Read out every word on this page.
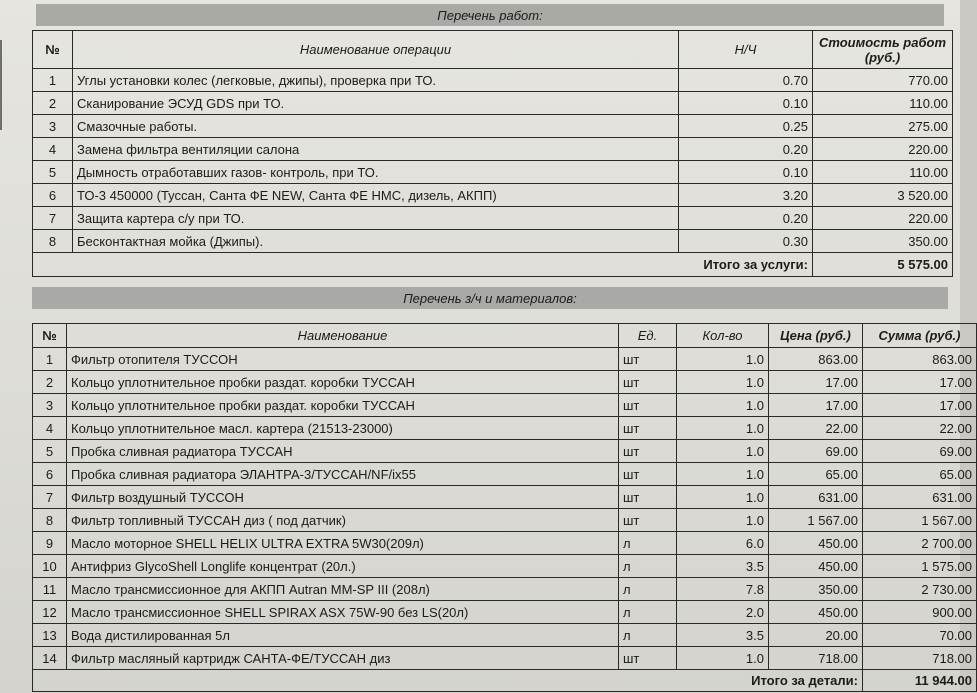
Перечень работ:
№	Наименование операции	Н/Ч	Стоимость работ (руб.)
1	Углы установки колес (легковые, джипы), проверка при ТО.	0.70	770.00
2	Сканирование ЭСУД GDS при ТО.	0.10	110.00
3	Смазочные работы.	0.25	275.00
4	Замена фильтра вентиляции салона	0.20	220.00
5	Дымность отработавших газов- контроль, при ТО.	0.10	110.00
6	ТО-3 450000 (Туссан, Санта ФЕ NEW, Санта ФЕ НМС, дизель, АКПП)	3.20	3 520.00
7	Защита картера с/у при ТО.	0.20	220.00
8	Бесконтактная мойка (Джипы).	0.30	350.00
Итого за услуги:			5 575.00
Перечень з/ч и материалов:
№	Наименование	Ед.	Кол-во	Цена (руб.)	Сумма (руб.)
1	Фильтр отопителя ТУССОН	шт	1.0	863.00	863.00
2	Кольцо уплотнительное пробки раздат. коробки ТУССАН	шт	1.0	17.00	17.00
3	Кольцо уплотнительное пробки раздат. коробки ТУССАН	шт	1.0	17.00	17.00
4	Кольцо уплотнительное масл. картера (21513-23000)	шт	1.0	22.00	22.00
5	Пробка сливная радиатора ТУССАН	шт	1.0	69.00	69.00
6	Пробка сливная радиатора ЭЛАНТРА-3/ТУССАН/NF/ix55	шт	1.0	65.00	65.00
7	Фильтр воздушный ТУССОН	шт	1.0	631.00	631.00
8	Фильтр топливный ТУССАН диз ( под датчик)	шт	1.0	1 567.00	1 567.00
9	Масло моторное SHELL HELIX ULTRA EXTRA 5W30(209л)	л	6.0	450.00	2 700.00
10	Антифриз GlycoShell Longlife концентрат (20л.)	л	3.5	450.00	1 575.00
11	Масло трансмиссионное для АКПП Autran MM-SP III (208л)	л	7.8	350.00	2 730.00
12	Масло трансмиссионное SHELL SPIRAX ASX 75W-90 без LS(20л)	л	2.0	450.00	900.00
13	Вода дистилированная 5л	л	3.5	20.00	70.00
14	Фильтр масляный картридж САНТА-ФЕ/ТУССАН диз	шт	1.0	718.00	718.00
Итого за детали:					11 944.00
